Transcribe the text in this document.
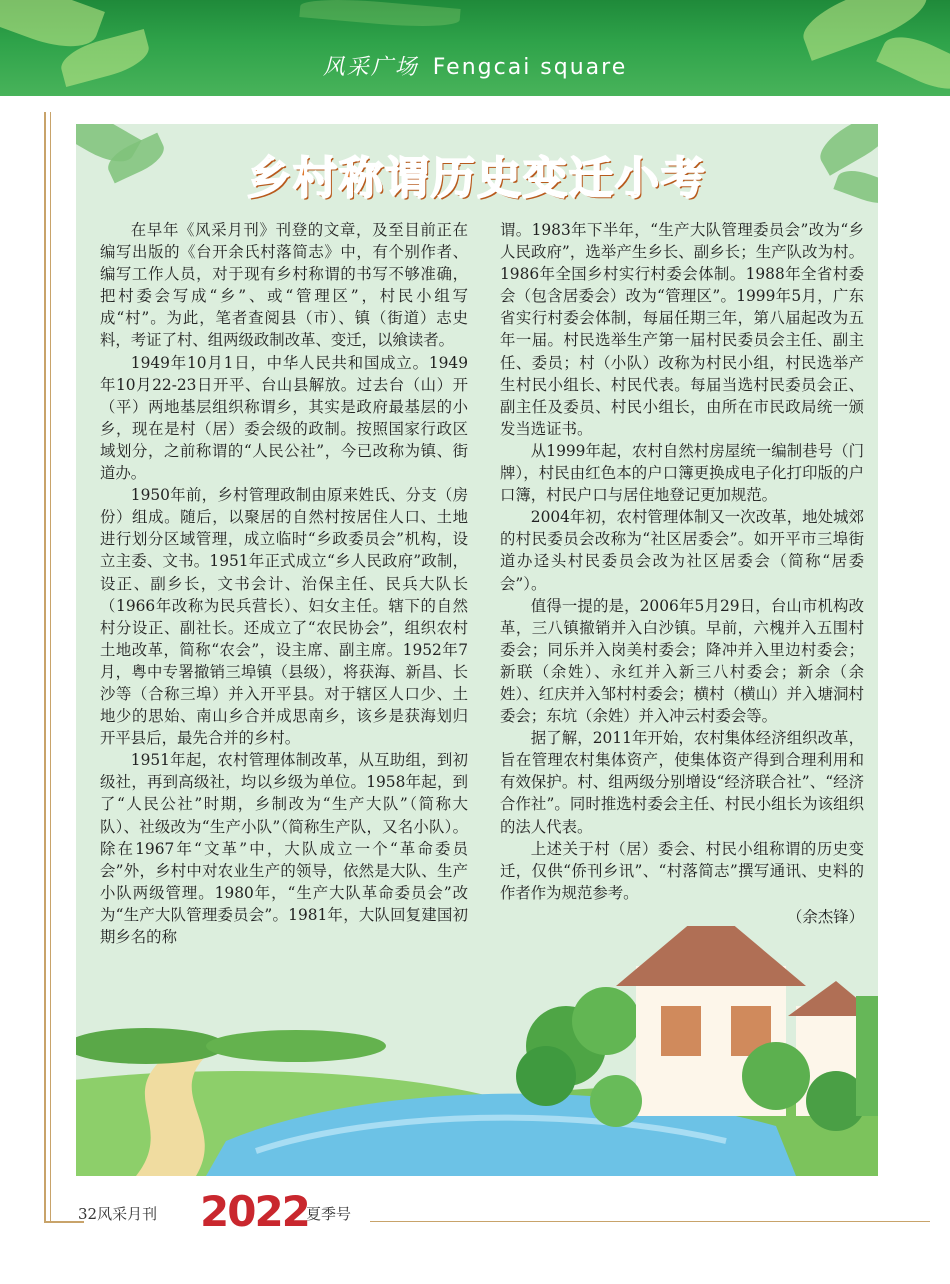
风采广场 Fengcai square
乡村称谓历史变迁小考

在早年《风采月刊》刊登的文章，及至目前正在编写出版的《台开余氏村落简志》中，有个别作者、编写工作人员，对于现有乡村称谓的书写不够准确，把村委会写成“乡”、或“管理区”，村民小组写成“村”。为此，笔者查阅县（市）、镇（街道）志史料，考证了村、组两级政制改革、变迁，以飨读者。

1949年10月1日，中华人民共和国成立。1949年10月22-23日开平、台山县解放。过去台（山）开（平）两地基层组织称谓乡，其实是政府最基层的小乡，现在是村（居）委会级的政制。按照国家行政区域划分，之前称谓的“人民公社”，今已改称为镇、街道办。

1950年前，乡村管理政制由原来姓氏、分支（房份）组成。随后，以聚居的自然村按居住人口、土地进行划分区域管理，成立临时“乡政委员会”机构，设立主委、文书。1951年正式成立“乡人民政府”政制，设正、副乡长，文书会计、治保主任、民兵大队长（1966年改称为民兵营长）、妇女主任。辖下的自然村分设正、副社长。还成立了“农民协会”，组织农村土地改革，简称“农会”，设主席、副主席。1952年7月，粤中专署撤销三埠镇（县级），将获海、新昌、长沙等（合称三埠）并入开平县。对于辖区人口少、土地少的思始、南山乡合并成思南乡，该乡是获海划归开平县后，最先合并的乡村。

1951年起，农村管理体制改革，从互助组，到初级社，再到高级社，均以乡级为单位。1958年起，到了“人民公社”时期，乡制改为“生产大队”（简称大队）、社级改为“生产小队”（简称生产队，又名小队）。除在1967年“文革”中，大队成立一个“革命委员会”外，乡村中对农业生产的领导，依然是大队、生产小队两级管理。1980年，“生产大队革命委员会”改为“生产大队管理委员会”。1981年，大队回复建国初期乡名的称

谓。1983年下半年，“生产大队管理委员会”改为“乡人民政府”，选举产生乡长、副乡长；生产队改为村。1986年全国乡村实行村委会体制。1988年全省村委会（包含居委会）改为“管理区”。1999年5月，广东省实行村委会体制，每届任期三年，第八届起改为五年一届。村民选举生产第一届村民委员会主任、副主任、委员；村（小队）改称为村民小组，村民选举产生村民小组长、村民代表。每届当选村民委员会正、副主任及委员、村民小组长，由所在市民政局统一颁发当选证书。

从1999年起，农村自然村房屋统一编制巷号（门牌），村民由红色本的户口簿更换成电子化打印版的户口簿，村民户口与居住地登记更加规范。

2004年初，农村管理体制又一次改革，地处城郊的村民委员会改称为“社区居委会”。如开平市三埠街道办迳头村民委员会改为社区居委会（简称“居委会”）。

值得一提的是，2006年5月29日，台山市机构改革，三八镇撤销并入白沙镇。早前，六槐并入五围村委会；同乐并入岗美村委会；降冲并入里边村委会；新联（余姓）、永红并入新三八村委会；新余（余姓）、红庆并入邹村村委会；横村（横山）并入塘洞村委会；东坑（余姓）并入冲云村委会等。

据了解，2011年开始，农村集体经济组织改革，旨在管理农村集体资产，使集体资产得到合理利用和有效保护。村、组两级分别增设“经济联合社”、“经济合作社”。同时推选村委会主任、村民小组长为该组织的法人代表。

上述关于村（居）委会、村民小组称谓的历史变迁，仅供“侨刊乡讯”、“村落简志”撰写通讯、史料的作者作为规范参考。

（余杰锋）
32风采月刊 2022
夏季号
